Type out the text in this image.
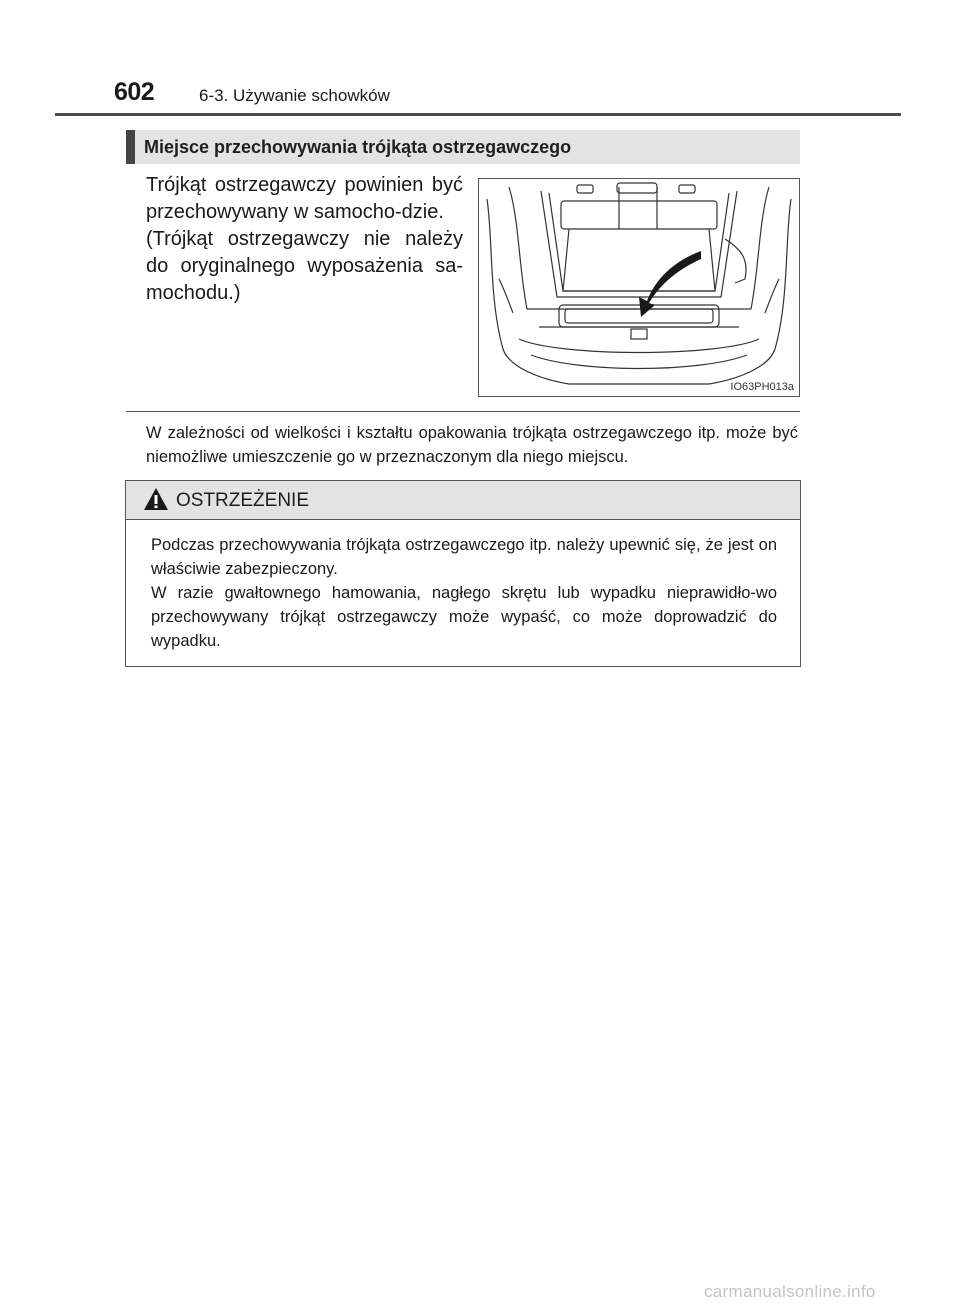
602	6-3. Używanie schowków
Miejsce przechowywania trójkąta ostrzegawczego

Trójkąt ostrzegawczy powinien być przechowywany w samocho-dzie.

(Trójkąt ostrzegawczy nie należy do oryginalnego wyposażenia sa-mochodu.)

IO63PH013a
W zależności od wielkości i kształtu opakowania trójkąta ostrzegawczego itp. może być niemożliwe umieszczenie go w przeznaczonym dla niego miejscu.
OSTRZEŻENIE

Podczas przechowywania trójkąta ostrzegawczego itp. należy upewnić się, że jest on właściwie zabezpieczony.

W razie gwałtownego hamowania, nagłego skrętu lub wypadku nieprawidło-wo przechowywany trójkąt ostrzegawczy może wypaść, co może doprowadzić do wypadku.

carmanualsonline.info
